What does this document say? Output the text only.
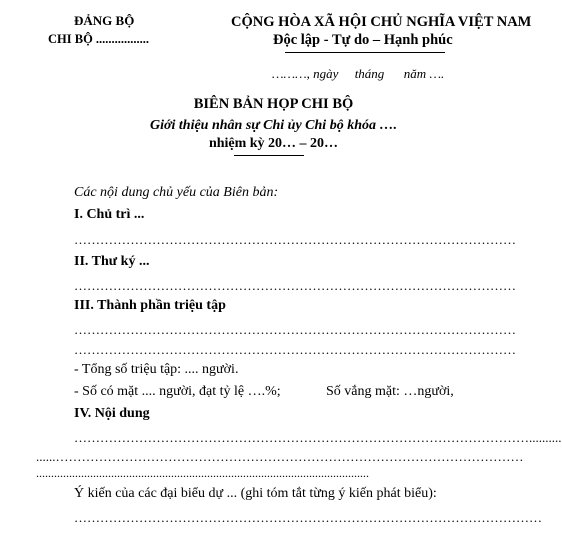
ĐẢNG BỘ
CHI BỘ .................
CỘNG HÒA XÃ HỘI CHỦ NGHĨA VIỆT NAM
Độc lập - Tự do – Hạnh phúc
………, ngày     tháng      năm ….
BIÊN BẢN HỌP CHI BỘ
Giới thiệu nhân sự Chi ủy Chi bộ khóa ….
nhiệm kỳ 20… – 20…
Các nội dung chủ yếu của Biên bản:
I. Chủ trì ...
…………………………………………………………………………………………
II. Thư ký ...
…………………………………………………………………………………………
III. Thành phần triệu tập
…………………………………………………………………………………………
…………………………………………………………………………………………
- Tổng số triệu tập: .... người.
- Số có mặt .... người, đạt tỷ lệ ….%;	Số vắng mặt: …người,
IV. Nội dung
……………………………………………………………………………………………..........
......………………………………………………………………………………………………
...............................................................................................................
Ý kiến của các đại biểu dự ... (ghi tóm tắt từng ý kiến phát biểu):
………………………………………………………………………………………………
